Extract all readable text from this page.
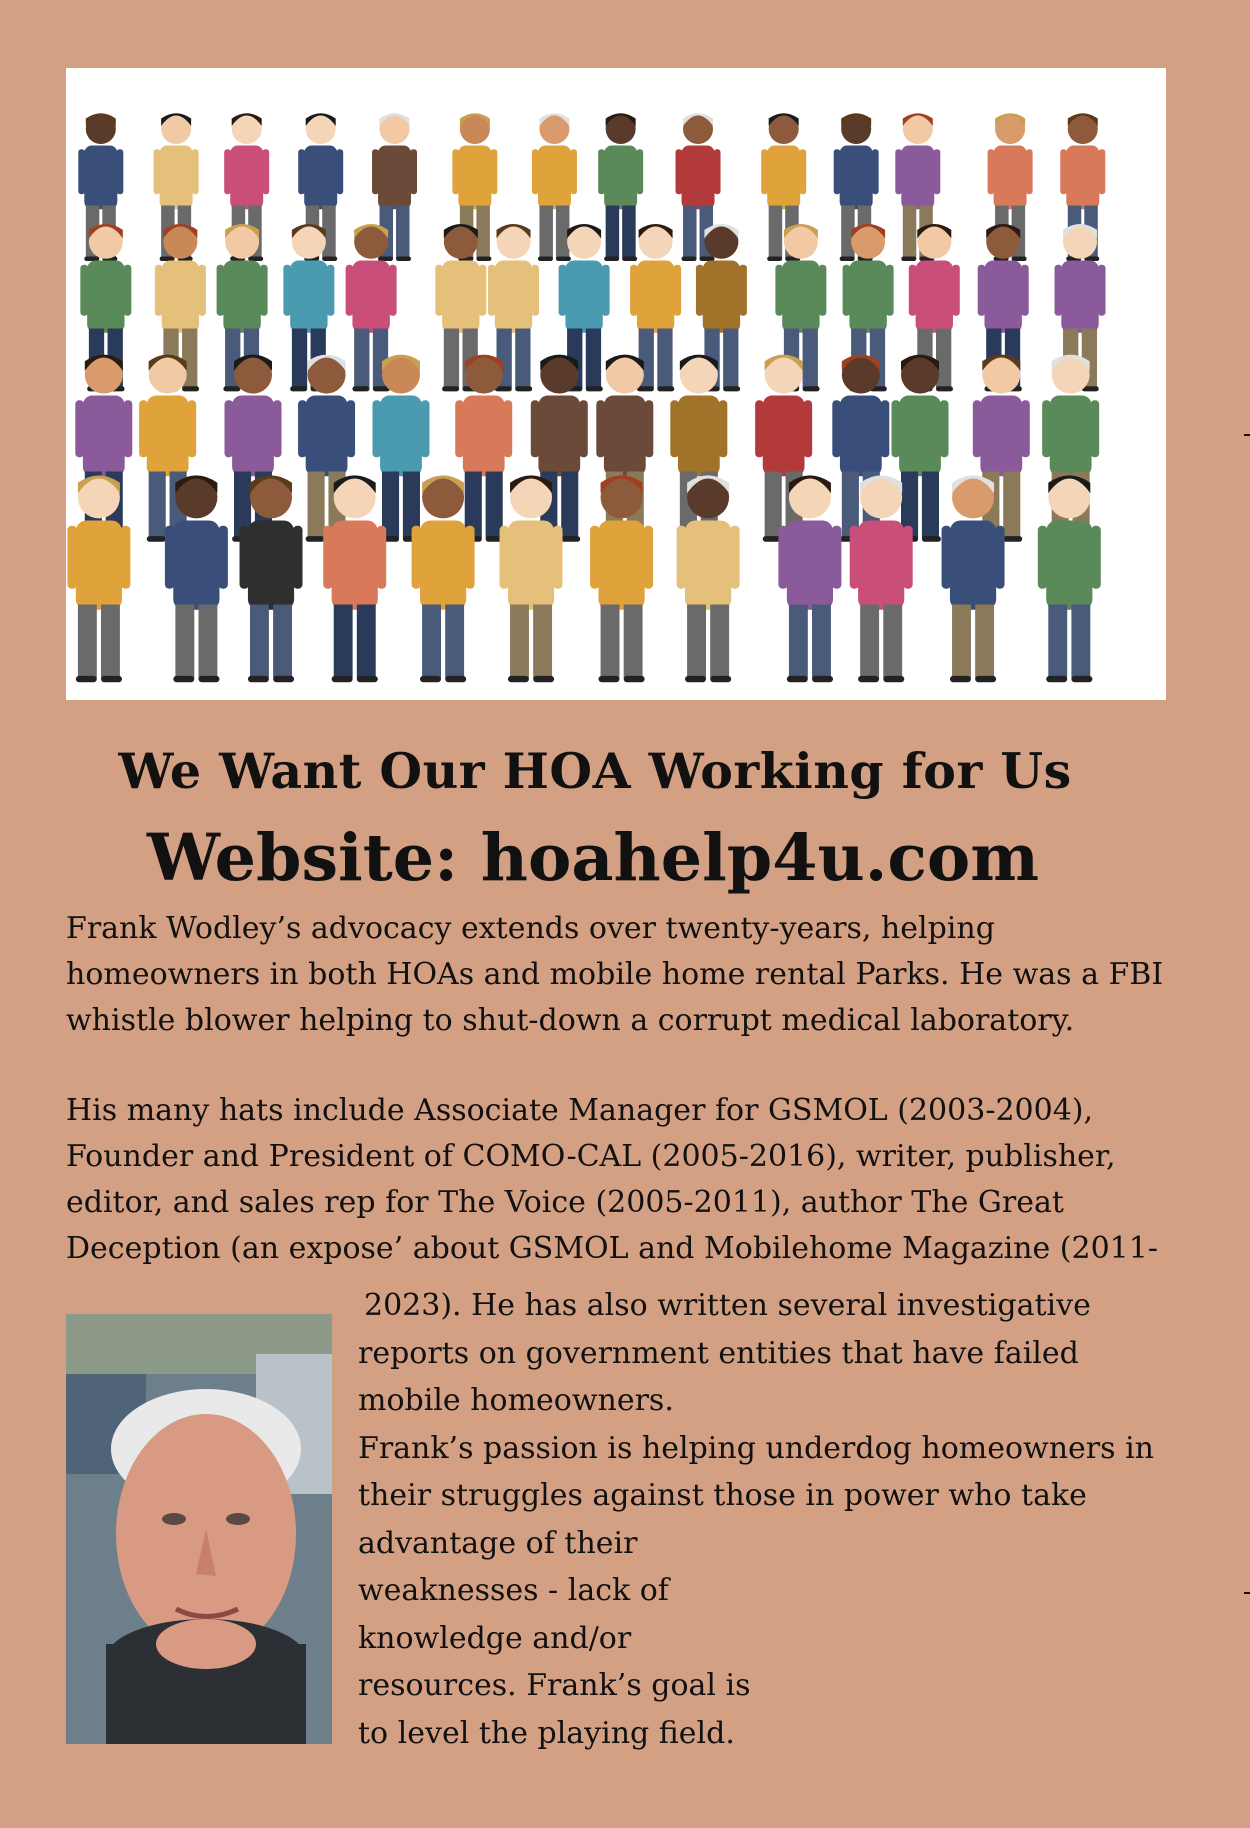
We Want Our HOA Working for Us
Website: hoahelp4u.com
Frank Wodley’s advocacy extends over twenty-years, helping
homeowners in both HOAs and mobile home rental Parks. He was a FBI
whistle blower helping to shut-down a corrupt medical laboratory.
His many hats include Associate Manager for GSMOL (2003-2004),
Founder and President of COMO-CAL (2005-2016), writer, publisher,
editor, and sales rep for The Voice (2005-2011), author The Great
Deception (an expose’ about GSMOL and Mobilehome Magazine (2011-
2023). He has also written several investigative
reports on government entities that have failed
mobile homeowners.
Frank’s passion is helping underdog homeowners in
their struggles against those in power who take
advantage of their
weaknesses - lack of
knowledge and/or
resources. Frank’s goal is
to level the playing field.
